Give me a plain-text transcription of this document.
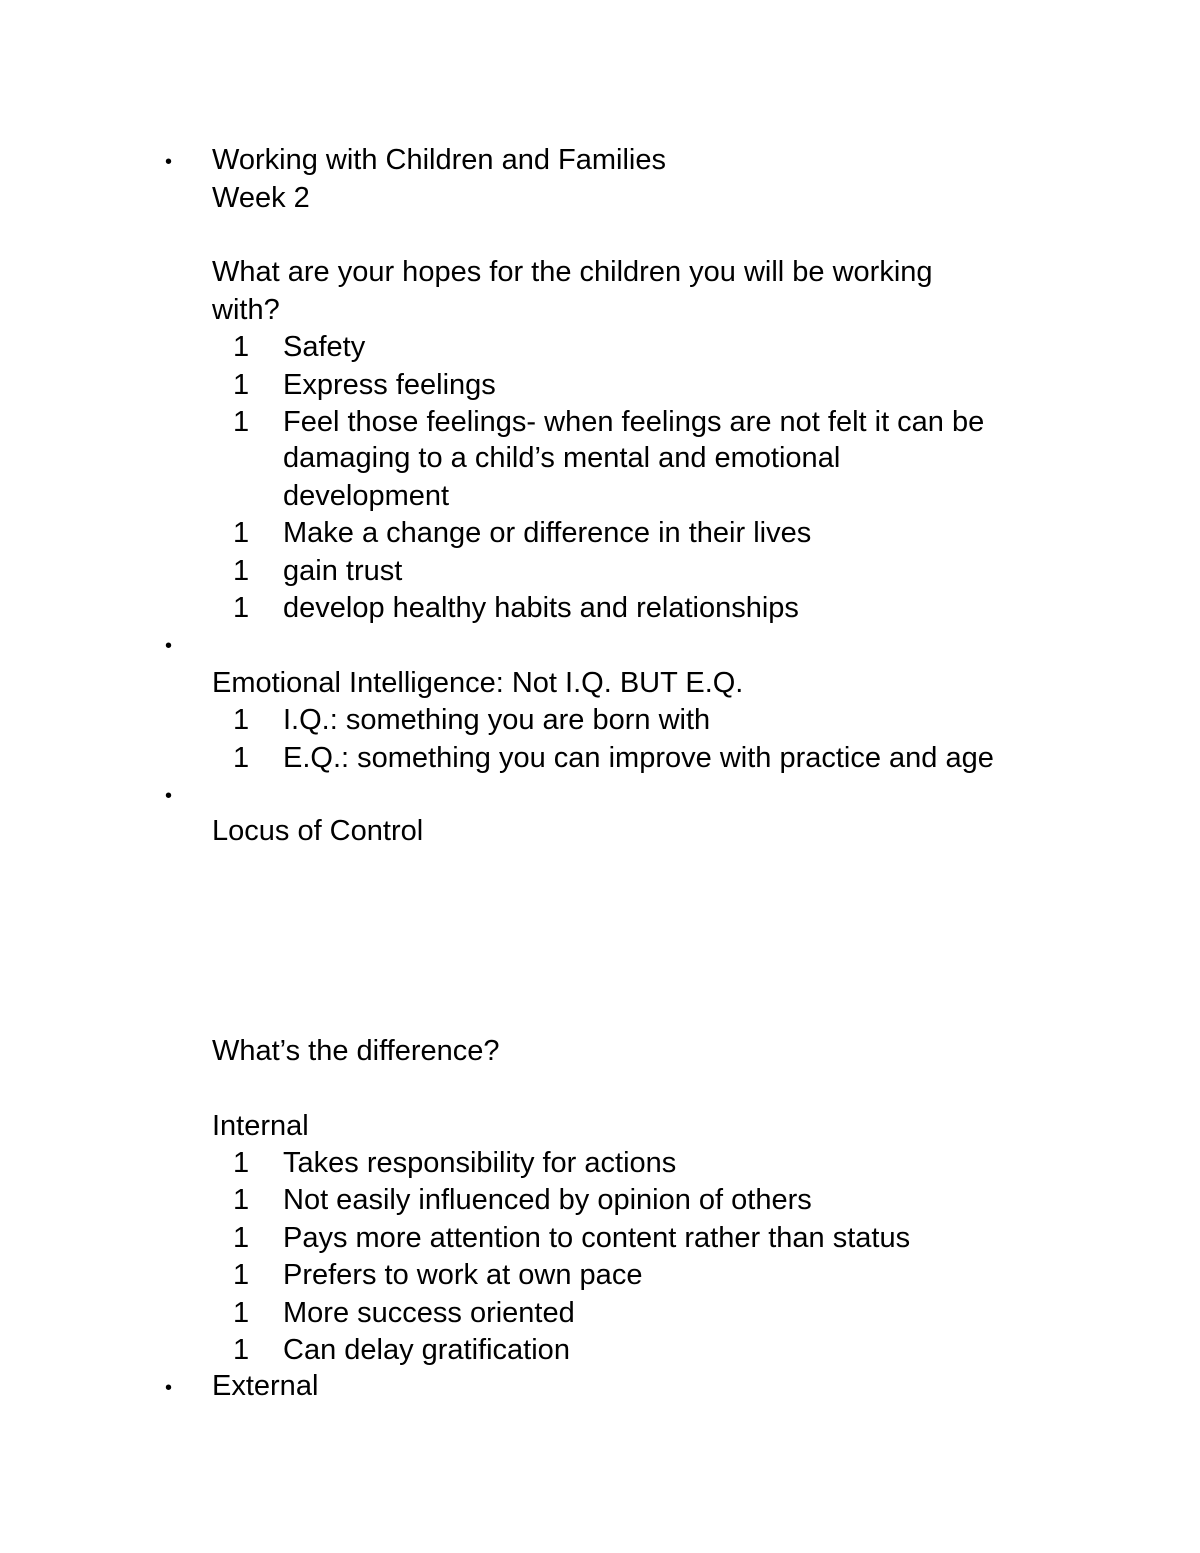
• Working with Children and Families
Week 2
What are your hopes for the children you will be working
with?
1 Safety
1 Express feelings
1 Feel those feelings- when feelings are not felt it can be
damaging to a child’s mental and emotional
development
1 Make a change or difference in their lives
1 gain trust
1 develop healthy habits and relationships
•
Emotional Intelligence: Not I.Q. BUT E.Q.
1 I.Q.: something you are born with
1 E.Q.: something you can improve with practice and age
•
Locus of Control
What’s the difference?
Internal
1 Takes responsibility for actions
1 Not easily influenced by opinion of others
1 Pays more attention to content rather than status
1 Prefers to work at own pace
1 More success oriented
1 Can delay gratification
• External
